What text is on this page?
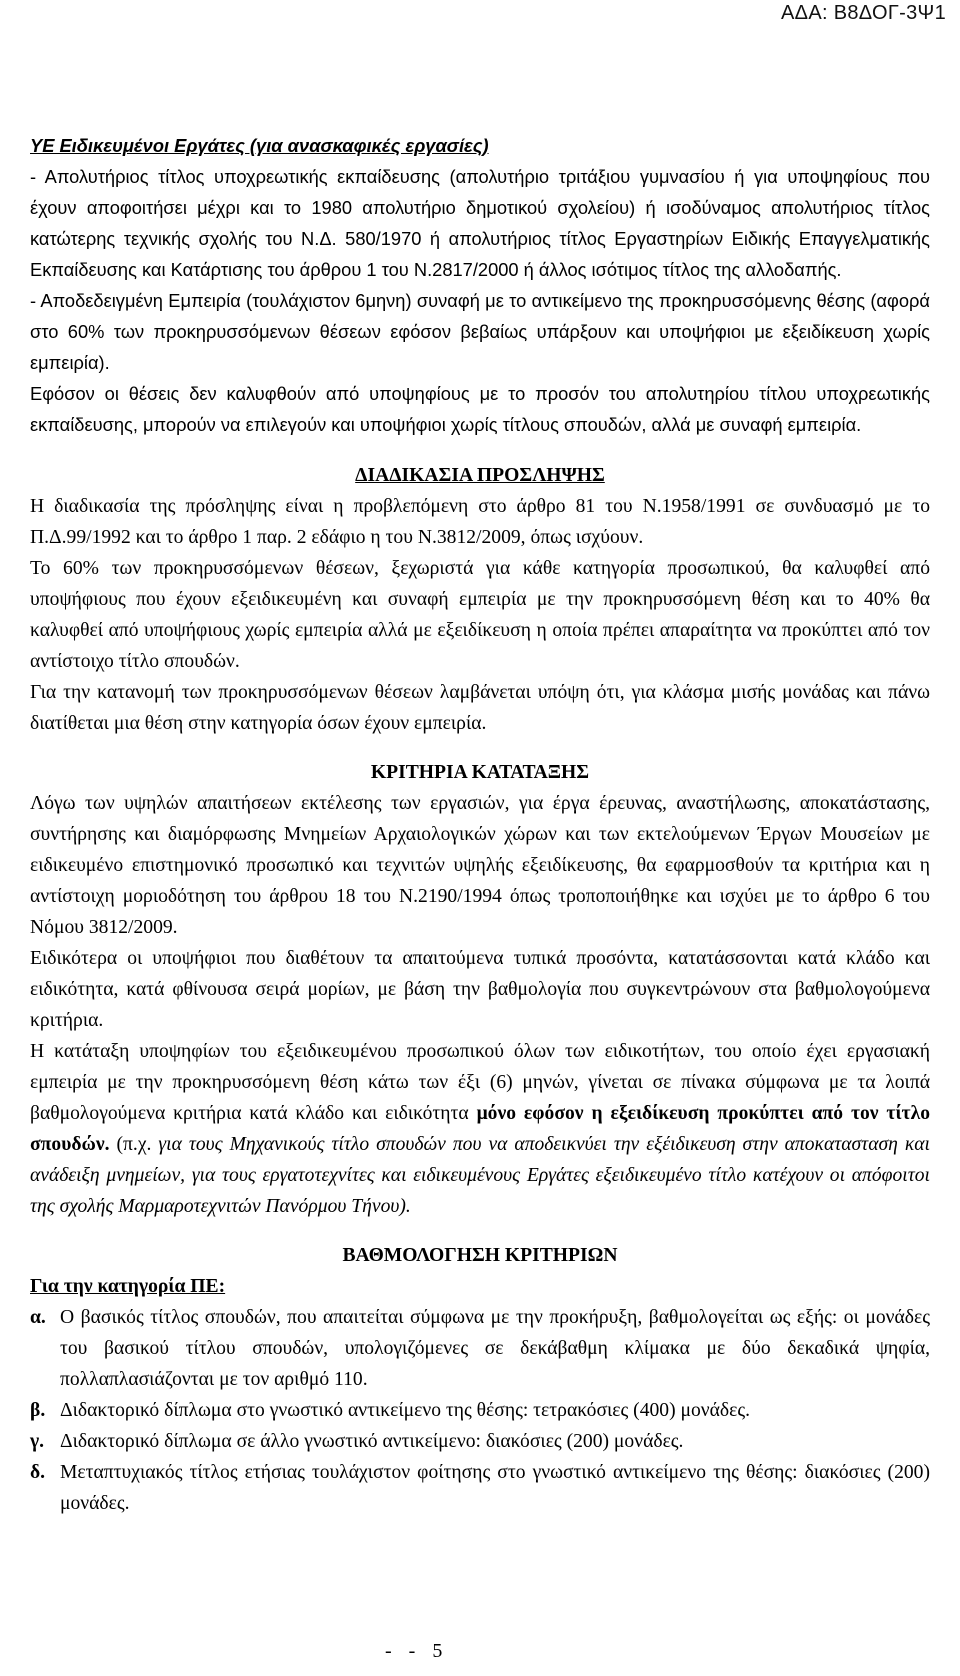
ΑΔΑ: Β8ΔΟΓ-3Ψ1

ΥΕ Ειδικευμένοι Εργάτες (για ανασκαφικές εργασίες)

- Απολυτήριος τίτλος υποχρεωτικής εκπαίδευσης (απολυτήριο τριτάξιου γυμνασίου ή για υποψηφίους που έχουν αποφοιτήσει μέχρι και το 1980 απολυτήριο δημοτικού σχολείου) ή ισοδύναμος απολυτήριος τίτλος κατώτερης τεχνικής σχολής του Ν.Δ. 580/1970 ή απολυτήριος τίτλος Εργαστηρίων Ειδικής Επαγγελματικής Εκπαίδευσης και Κατάρτισης του άρθρου 1 του Ν.2817/2000 ή άλλος ισότιμος τίτλος της αλλοδαπής.

- Αποδεδειγμένη Εμπειρία (τουλάχιστον 6μηνη) συναφή με το αντικείμενο της προκηρυσσόμενης θέσης (αφορά στο 60% των προκηρυσσόμενων θέσεων εφόσον βεβαίως υπάρξουν και υποψήφιοι με εξειδίκευση χωρίς εμπειρία).

Εφόσον οι θέσεις δεν καλυφθούν από υποψηφίους με το προσόν του απολυτηρίου τίτλου υποχρεωτικής εκπαίδευσης, μπορούν να επιλεγούν και υποψήφιοι χωρίς τίτλους σπουδών, αλλά με συναφή εμπειρία.

ΔΙΑΔΙΚΑΣΙΑ ΠΡΟΣΛΗΨΗΣ

Η διαδικασία της πρόσληψης είναι η προβλεπόμενη στο άρθρο 81 του Ν.1958/1991 σε συνδυασμό με το Π.Δ.99/1992 και το άρθρο 1 παρ. 2 εδάφιο η του Ν.3812/2009, όπως ισχύουν.

Το 60% των προκηρυσσόμενων θέσεων, ξεχωριστά για κάθε κατηγορία προσωπικού, θα καλυφθεί από υποψήφιους που έχουν εξειδικευμένη και συναφή εμπειρία με την προκηρυσσόμενη θέση και το 40% θα καλυφθεί από υποψήφιους χωρίς εμπειρία αλλά με εξειδίκευση η οποία πρέπει απαραίτητα να προκύπτει από τον αντίστοιχο τίτλο σπουδών.

Για την κατανομή των προκηρυσσόμενων θέσεων λαμβάνεται υπόψη ότι, για κλάσμα μισής μονάδας και πάνω διατίθεται μια θέση στην κατηγορία όσων έχουν εμπειρία.

ΚΡΙΤΗΡΙΑ ΚΑΤΑΤΑΞΗΣ

Λόγω των υψηλών απαιτήσεων εκτέλεσης των εργασιών, για έργα έρευνας, αναστήλωσης, αποκατάστασης, συντήρησης και διαμόρφωσης Μνημείων Αρχαιολογικών χώρων και των εκτελούμενων Έργων Μουσείων με ειδικευμένο επιστημονικό προσωπικό και τεχνιτών υψηλής εξειδίκευσης, θα εφαρμοσθούν τα κριτήρια και η αντίστοιχη μοριοδότηση του άρθρου 18 του Ν.2190/1994 όπως τροποποιήθηκε και ισχύει με το άρθρο 6 του Νόμου 3812/2009.

Ειδικότερα οι υποψήφιοι που διαθέτουν τα απαιτούμενα τυπικά προσόντα, κατατάσσονται κατά κλάδο και ειδικότητα, κατά φθίνουσα σειρά μορίων, με βάση την βαθμολογία που συγκεντρώνουν στα βαθμολογούμενα κριτήρια.

Η κατάταξη υποψηφίων του εξειδικευμένου προσωπικού όλων των ειδικοτήτων, του οποίο έχει εργασιακή εμπειρία με την προκηρυσσόμενη θέση κάτω των έξι (6) μηνών, γίνεται σε πίνακα σύμφωνα με τα λοιπά βαθμολογούμενα κριτήρια κατά κλάδο και ειδικότητα μόνο εφόσον η εξειδίκευση προκύπτει από τον τίτλο σπουδών. (π.χ. για τους Μηχανικούς τίτλο σπουδών που να αποδεικνύει την εξέιδικευση στην αποκατασταση και ανάδειξη μνημείων, για τους εργατοτεχνίτες και ειδικευμένους Εργάτες εξειδικευμένο τίτλο κατέχουν οι απόφοιτοι της σχολής Μαρμαροτεχνιτών Πανόρμου Τήνου).

ΒΑΘΜΟΛΟΓΗΣΗ ΚΡΙΤΗΡΙΩΝ
Για την κατηγορία ΠΕ:
α. Ο βασικός τίτλος σπουδών, που απαιτείται σύμφωνα με την προκήρυξη, βαθμολογείται ως εξής: οι μονάδες του βασικού τίτλου σπουδών, υπολογιζόμενες σε δεκάβαθμη κλίμακα με δύο δεκαδικά ψηφία, πολλαπλασιάζονται με τον αριθμό 110.
β. Διδακτορικό δίπλωμα στο γνωστικό αντικείμενο της θέσης: τετρακόσιες (400) μονάδες.
γ. Διδακτορικό δίπλωμα σε άλλο γνωστικό αντικείμενο: διακόσιες (200) μονάδες.
δ. Μεταπτυχιακός τίτλος ετήσιας τουλάχιστον φοίτησης στο γνωστικό αντικείμενο της θέσης: διακόσιες (200) μονάδες.
- - 5
